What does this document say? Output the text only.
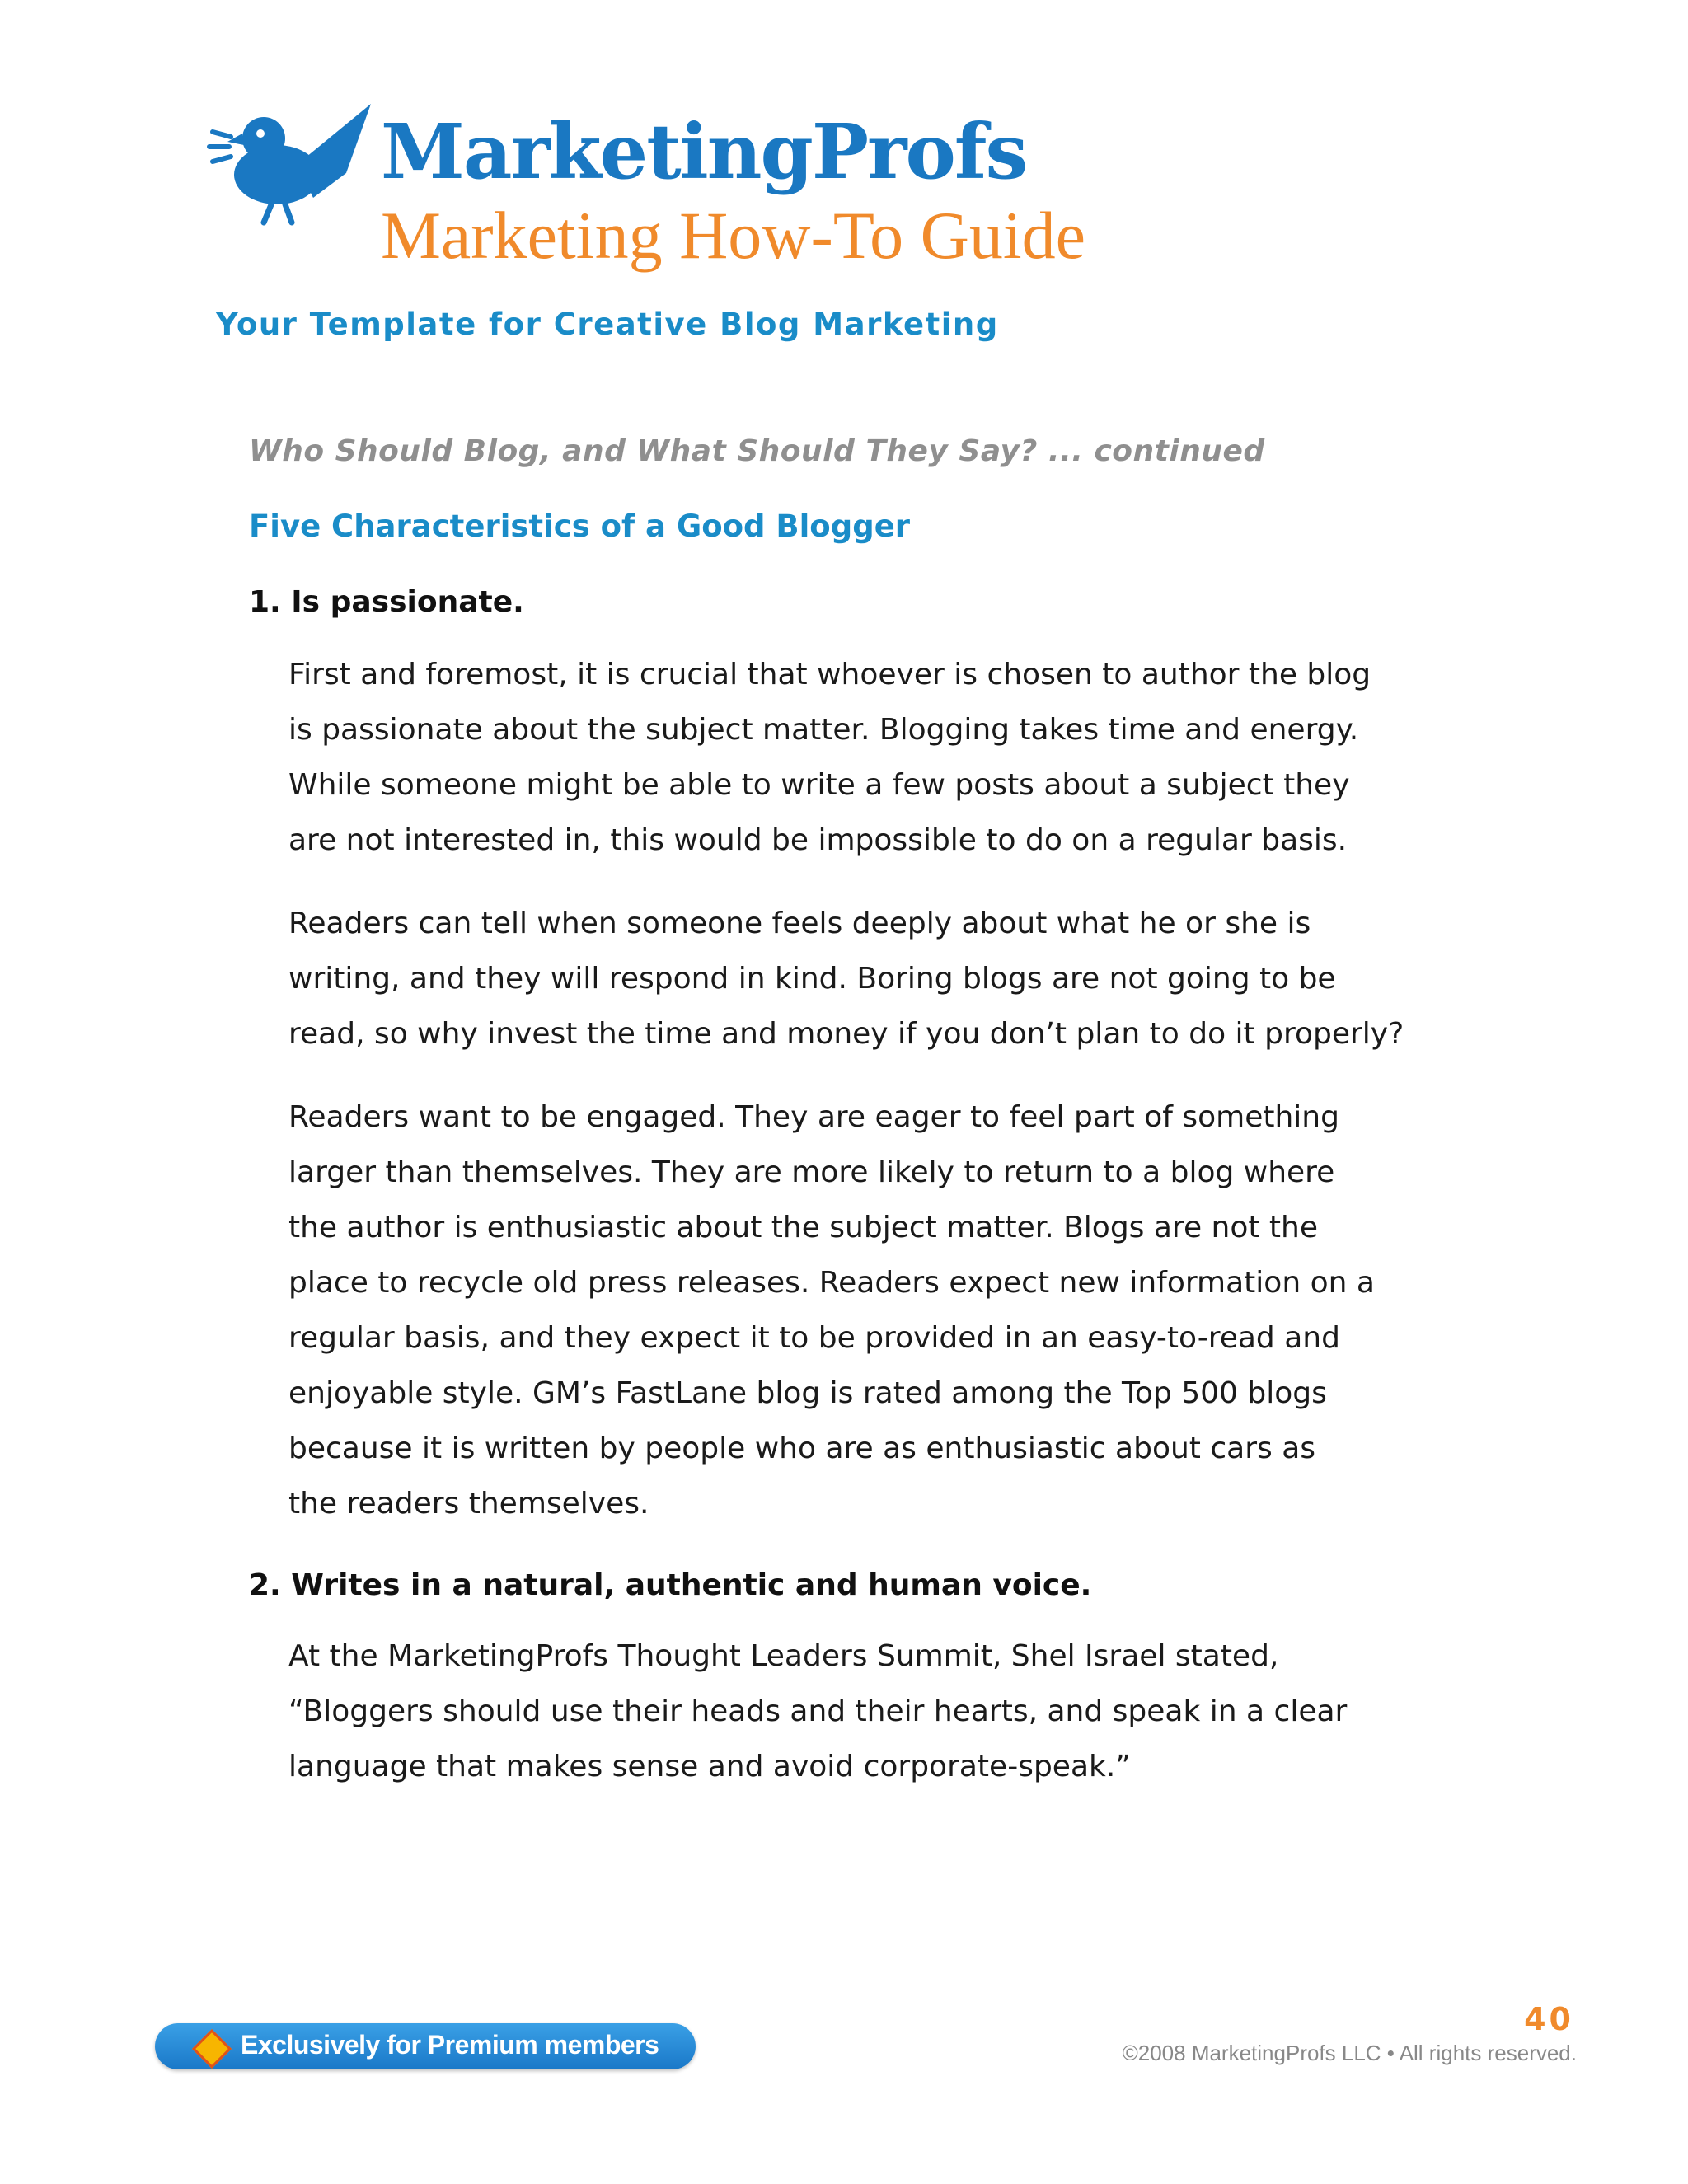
MarketingProfs
Marketing How-To Guide
Your Template for Creative Blog Marketing
Who Should Blog, and What Should They Say? ... continued
Five Characteristics of a Good Blogger
1. Is passionate.
First and foremost, it is crucial that whoever is chosen to author the blog
is passionate about the subject matter. Blogging takes time and energy.
While someone might be able to write a few posts about a subject they
are not interested in, this would be impossible to do on a regular basis.
Readers can tell when someone feels deeply about what he or she is
writing, and they will respond in kind. Boring blogs are not going to be
read, so why invest the time and money if you don’t plan to do it properly?
Readers want to be engaged. They are eager to feel part of something
larger than themselves. They are more likely to return to a blog where
the author is enthusiastic about the subject matter. Blogs are not the
place to recycle old press releases. Readers expect new information on a
regular basis, and they expect it to be provided in an easy-to-read and
enjoyable style. GM’s FastLane blog is rated among the Top 500 blogs
because it is written by people who are as enthusiastic about cars as
the readers themselves.
2. Writes in a natural, authentic and human voice.
At the MarketingProfs Thought Leaders Summit, Shel Israel stated,
“Bloggers should use their heads and their hearts, and speak in a clear
language that makes sense and avoid corporate-speak.”
Exclusively for Premium members
40
©2008 MarketingProfs LLC • All rights reserved.
